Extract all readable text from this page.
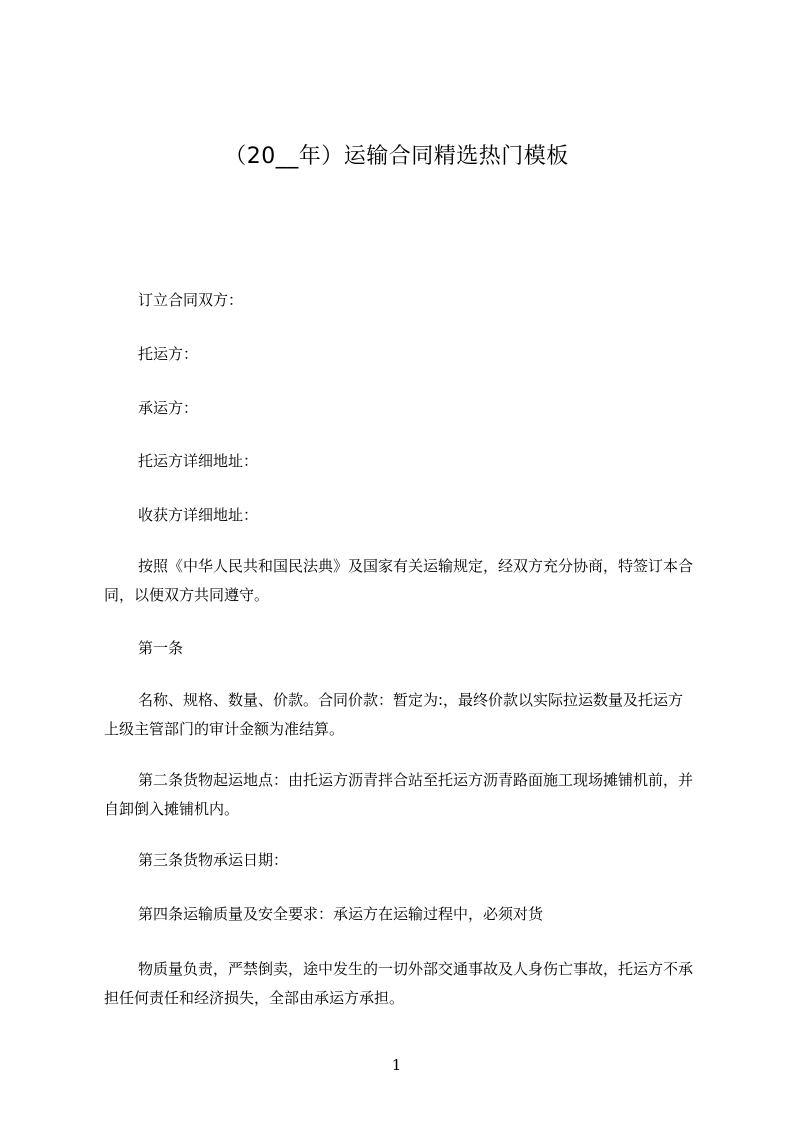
（20__年）运输合同精选热门模板
订立合同双方：
托运方：
承运方：
托运方详细地址：
收获方详细地址：
按照《中华人民共和国民法典》及国家有关运输规定，经双方充分协商，特签订本合同，以便双方共同遵守。
第一条
名称、规格、数量、价款。合同价款：暂定为:，最终价款以实际拉运数量及托运方上级主管部门的审计金额为准结算。
第二条货物起运地点：由托运方沥青拌合站至托运方沥青路面施工现场摊铺机前，并自卸倒入摊铺机内。
第三条货物承运日期：
第四条运输质量及安全要求：承运方在运输过程中，必须对货
物质量负责，严禁倒卖，途中发生的一切外部交通事故及人身伤亡事故，托运方不承担任何责任和经济损失，全部由承运方承担。
1
